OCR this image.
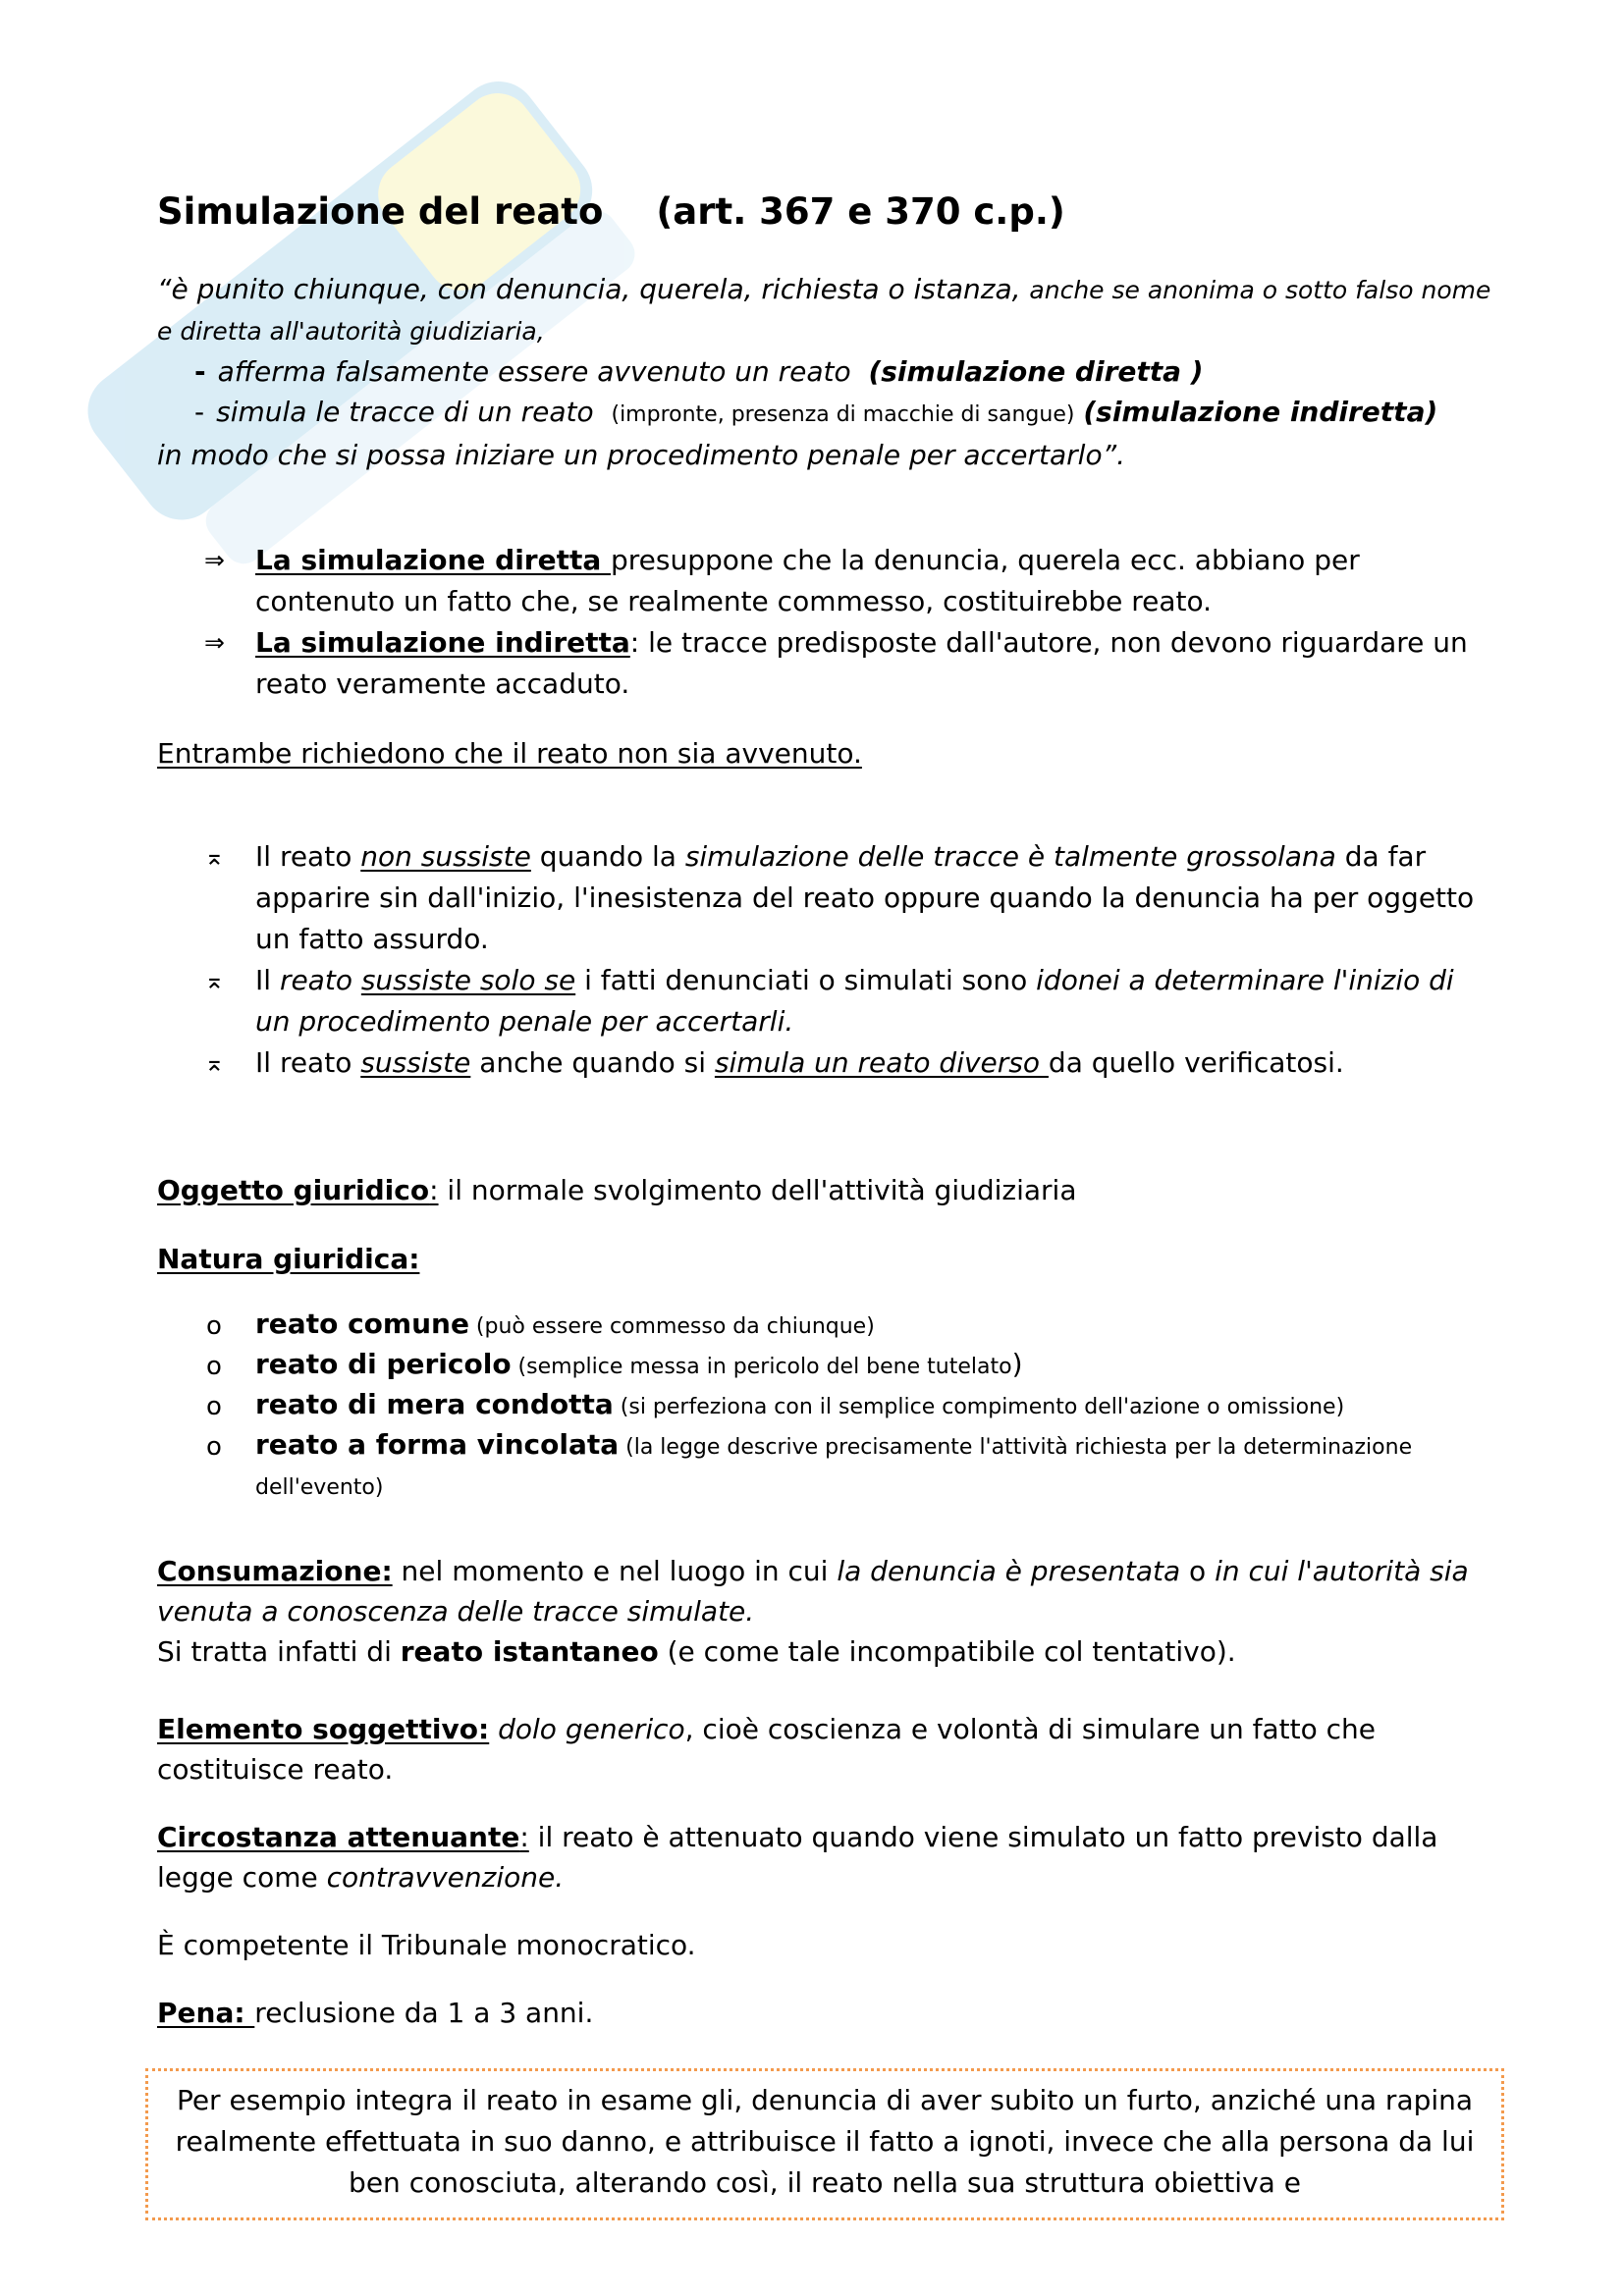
Simulazione del reato (art. 367 e 370 c.p.)
“è punito chiunque, con denuncia, querela, richiesta o istanza, anche se anonima o sotto falso nome e diretta all'autorità giudiziaria,
- afferma falsamente essere avvenuto un reato (simulazione diretta )
- simula le tracce di un reato (impronte, presenza di macchie di sangue) (simulazione indiretta)
in modo che si possa iniziare un procedimento penale per accertarlo”.
⇒ La simulazione diretta presuppone che la denuncia, querela ecc. abbiano per contenuto un fatto che, se realmente commesso, costituirebbe reato.
⇒ La simulazione indiretta: le tracce predisposte dall'autore, non devono riguardare un reato veramente accaduto.
Entrambe richiedono che il reato non sia avvenuto.
⌅ Il reato non sussiste quando la simulazione delle tracce è talmente grossolana da far apparire sin dall'inizio, l'inesistenza del reato oppure quando la denuncia ha per oggetto un fatto assurdo.
⌅ Il reato sussiste solo se i fatti denunciati o simulati sono idonei a determinare l'inizio di un procedimento penale per accertarli.
⌅ Il reato sussiste anche quando si simula un reato diverso da quello verificatosi.
Oggetto giuridico: il normale svolgimento dell'attività giudiziaria
Natura giuridica:
o reato comune (può essere commesso da chiunque)
o reato di pericolo (semplice messa in pericolo del bene tutelato)
o reato di mera condotta (si perfeziona con il semplice compimento dell'azione o omissione)
o reato a forma vincolata (la legge descrive precisamente l'attività richiesta per la determinazione dell'evento)
Consumazione: nel momento e nel luogo in cui la denuncia è presentata o in cui l'autorità sia venuta a conoscenza delle tracce simulate.
Si tratta infatti di reato istantaneo (e come tale incompatibile col tentativo).
Elemento soggettivo: dolo generico, cioè coscienza e volontà di simulare un fatto che costituisce reato.
Circostanza attenuante: il reato è attenuato quando viene simulato un fatto previsto dalla legge come contravvenzione.
È competente il Tribunale monocratico.
Pena: reclusione da 1 a 3 anni.
Per esempio integra il reato in esame gli, denuncia di aver subito un furto, anziché una rapina realmente effettuata in suo danno, e attribuisce il fatto a ignoti, invece che alla persona da lui ben conosciuta, alterando così, il reato nella sua struttura obiettiva e
